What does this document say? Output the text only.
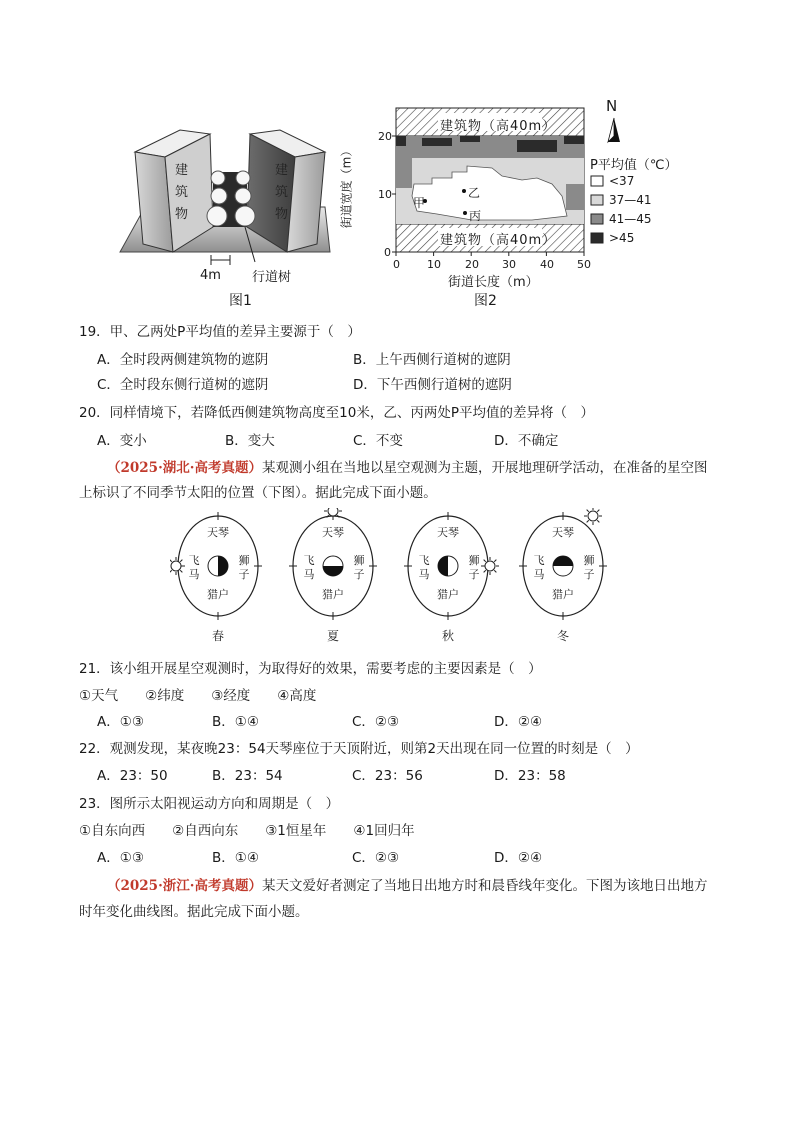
建
筑
物
建
筑
物
4m 行道树
图1
建筑物（高40m）
建筑物（高40m）
街道宽度（m）
街道长度（m）
0 10 20 30 40 50
0
10
20
甲
乙
丙
N
P平均值（℃）
<37
37—41
41—45
>45
图2
19．甲、乙两处P平均值的差异主要源于（　）
A．全时段两侧建筑物的遮阴	B．上午西侧行道树的遮阴
C．全时段东侧行道树的遮阴	D．下午西侧行道树的遮阴
20．同样情境下，若降低西侧建筑物高度至10米，乙、丙两处P平均值的差异将（　）
A．变小	B．变大	C．不变	D．不确定
（2025·湖北·高考真题）某观测小组在当地以星空观测为主题，开展地理研学活动，在准备的星空图
上标识了不同季节太阳的位置（下图）。据此完成下面小题。
天琴
飞
马
狮
子
猎户
春
天琴
飞
马
狮
子
猎户
夏
天琴
飞
马
狮
子
猎户
秋
天琴
飞
马
狮
子
猎户
冬
21．该小组开展星空观测时，为取得好的效果，需要考虑的主要因素是（　）
①天气　　②纬度　　③经度　　④高度
A．①③	B．①④	C．②③	D．②④
22．观测发现，某夜晚23：54天琴座位于天顶附近，则第2天出现在同一位置的时刻是（　）
A．23：50	B．23：54	C．23：56	D．23：58
23．图所示太阳视运动方向和周期是（　）
①自东向西　　②自西向东　　③1恒星年　　④1回归年
A．①③	B．①④	C．②③	D．②④
（2025·浙江·高考真题）某天文爱好者测定了当地日出地方时和晨昏线年变化。下图为该地日出地方
时年变化曲线图。据此完成下面小题。
